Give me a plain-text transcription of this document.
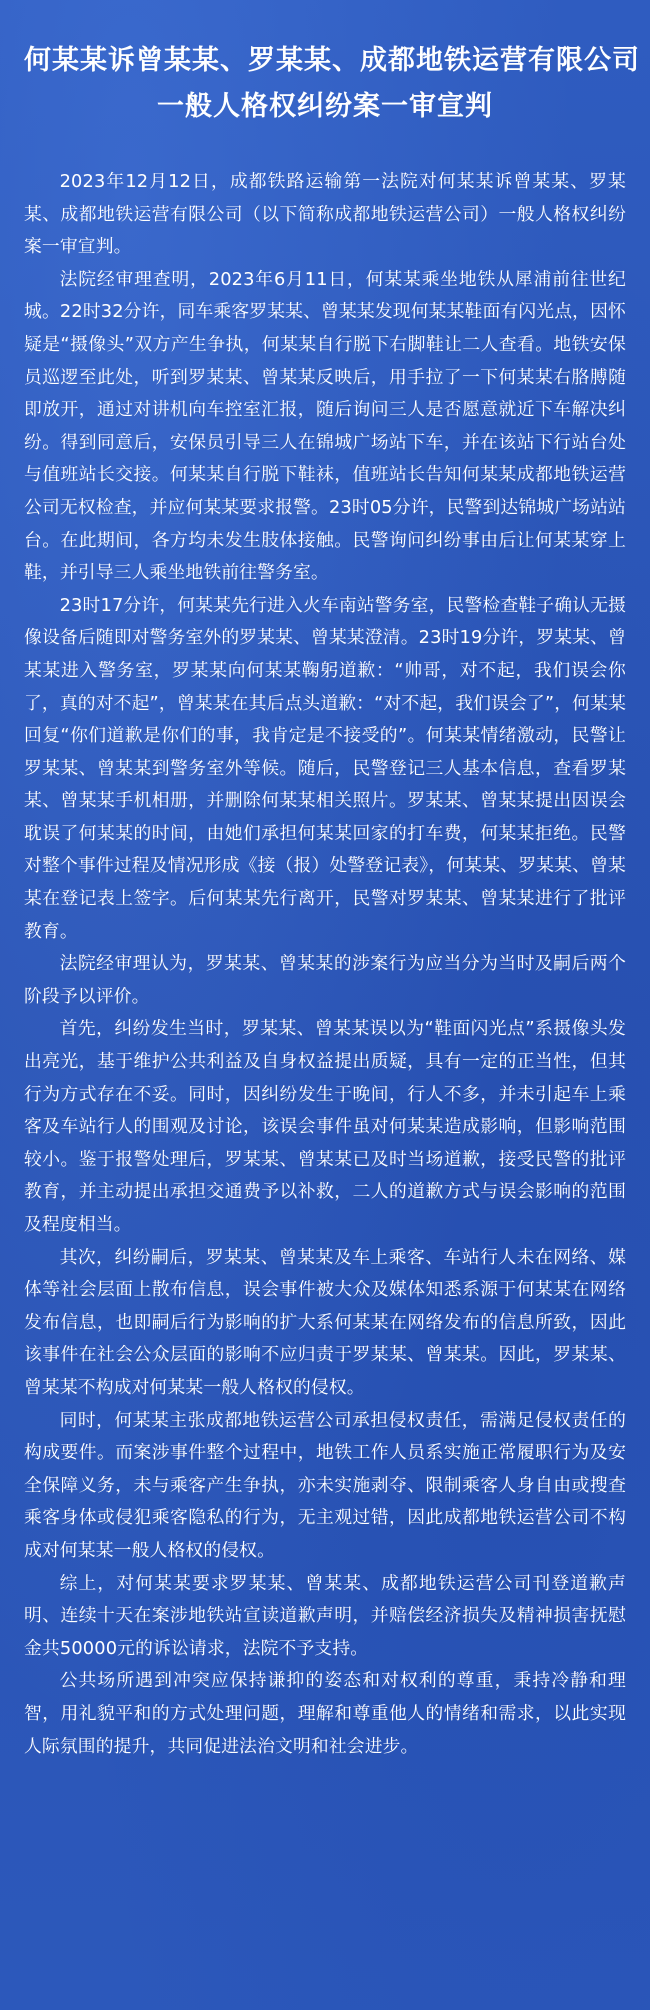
何某某诉曾某某、罗某某、成都地铁运营有限公司
一般人格权纠纷案一审宣判

2023年12月12日，成都铁路运输第一法院对何某某诉曾某某、罗某某、成都地铁运营有限公司（以下简称成都地铁运营公司）一般人格权纠纷案一审宣判。

法院经审理查明，2023年6月11日，何某某乘坐地铁从犀浦前往世纪城。22时32分许，同车乘客罗某某、曾某某发现何某某鞋面有闪光点，因怀疑是“摄像头”双方产生争执，何某某自行脱下右脚鞋让二人查看。地铁安保员巡逻至此处，听到罗某某、曾某某反映后，用手拉了一下何某某右胳膊随即放开，通过对讲机向车控室汇报，随后询问三人是否愿意就近下车解决纠纷。得到同意后，安保员引导三人在锦城广场站下车，并在该站下行站台处与值班站长交接。何某某自行脱下鞋袜，值班站长告知何某某成都地铁运营公司无权检查，并应何某某要求报警。23时05分许，民警到达锦城广场站站台。在此期间，各方均未发生肢体接触。民警询问纠纷事由后让何某某穿上鞋，并引导三人乘坐地铁前往警务室。

23时17分许，何某某先行进入火车南站警务室，民警检查鞋子确认无摄像设备后随即对警务室外的罗某某、曾某某澄清。23时19分许，罗某某、曾某某进入警务室，罗某某向何某某鞠躬道歉：“帅哥，对不起，我们误会你了，真的对不起”，曾某某在其后点头道歉：“对不起，我们误会了”，何某某回复“你们道歉是你们的事，我肯定是不接受的”。何某某情绪激动，民警让罗某某、曾某某到警务室外等候。随后，民警登记三人基本信息，查看罗某某、曾某某手机相册，并删除何某某相关照片。罗某某、曾某某提出因误会耽误了何某某的时间，由她们承担何某某回家的打车费，何某某拒绝。民警对整个事件过程及情况形成《接（报）处警登记表》，何某某、罗某某、曾某某在登记表上签字。后何某某先行离开，民警对罗某某、曾某某进行了批评教育。

法院经审理认为，罗某某、曾某某的涉案行为应当分为当时及嗣后两个阶段予以评价。

首先，纠纷发生当时，罗某某、曾某某误以为“鞋面闪光点”系摄像头发出亮光，基于维护公共利益及自身权益提出质疑，具有一定的正当性，但其行为方式存在不妥。同时，因纠纷发生于晚间，行人不多，并未引起车上乘客及车站行人的围观及讨论，该误会事件虽对何某某造成影响，但影响范围较小。鉴于报警处理后，罗某某、曾某某已及时当场道歉，接受民警的批评教育，并主动提出承担交通费予以补救，二人的道歉方式与误会影响的范围及程度相当。

其次，纠纷嗣后，罗某某、曾某某及车上乘客、车站行人未在网络、媒体等社会层面上散布信息，误会事件被大众及媒体知悉系源于何某某在网络发布信息，也即嗣后行为影响的扩大系何某某在网络发布的信息所致，因此该事件在社会公众层面的影响不应归责于罗某某、曾某某。因此，罗某某、曾某某不构成对何某某一般人格权的侵权。

同时，何某某主张成都地铁运营公司承担侵权责任，需满足侵权责任的构成要件。而案涉事件整个过程中，地铁工作人员系实施正常履职行为及安全保障义务，未与乘客产生争执，亦未实施剥夺、限制乘客人身自由或搜查乘客身体或侵犯乘客隐私的行为，无主观过错，因此成都地铁运营公司不构成对何某某一般人格权的侵权。

综上，对何某某要求罗某某、曾某某、成都地铁运营公司刊登道歉声明、连续十天在案涉地铁站宣读道歉声明，并赔偿经济损失及精神损害抚慰金共50000元的诉讼请求，法院不予支持。

公共场所遇到冲突应保持谦抑的姿态和对权利的尊重，秉持冷静和理智，用礼貌平和的方式处理问题，理解和尊重他人的情绪和需求，以此实现人际氛围的提升，共同促进法治文明和社会进步。
